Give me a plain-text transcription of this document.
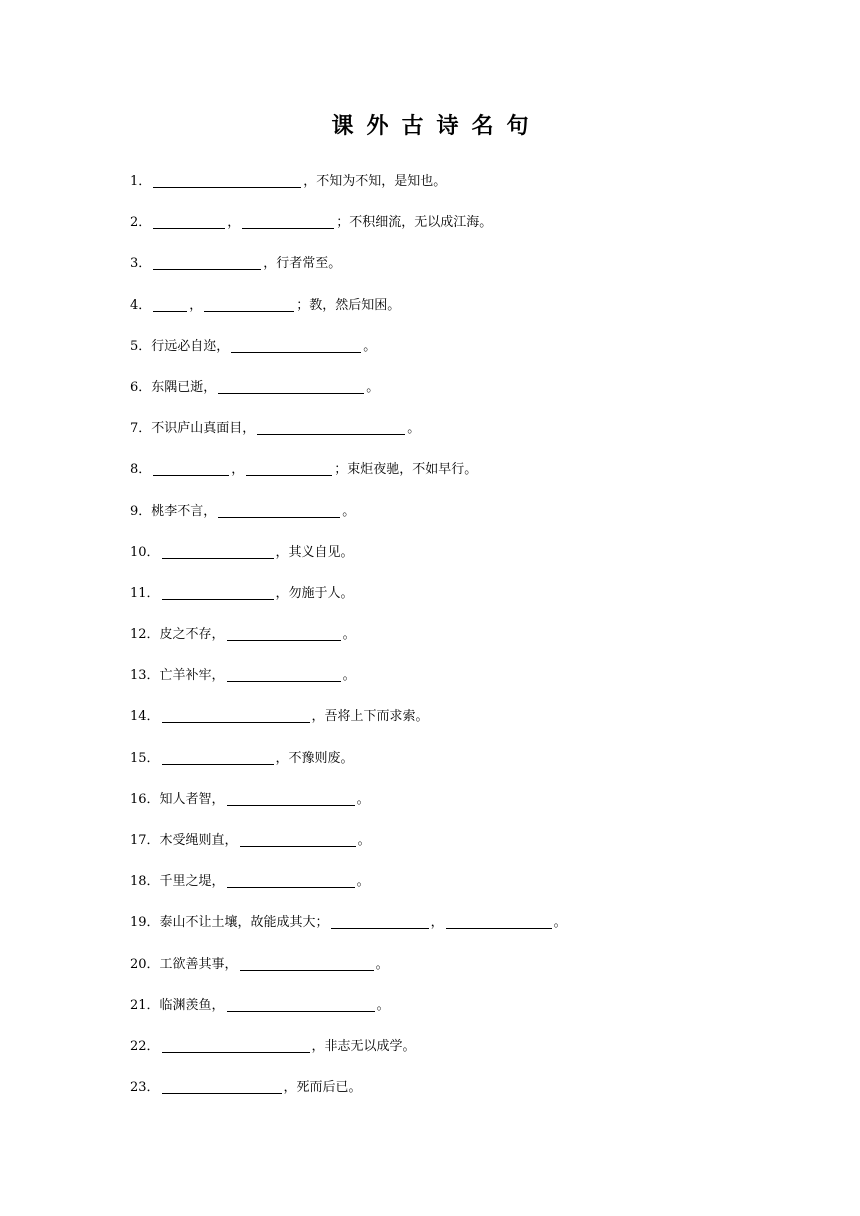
课外古诗名句
1．	，不知为不知，是知也。
2．	，	；不积细流，无以成江海。
3．	，行者常至。
4．	，	；教，然后知困。
5．行远必自迩，	。
6．东隅已逝，	。
7．不识庐山真面目，	。
8．	，	；束炬夜驰，不如早行。
9．桃李不言，	。
10．	，其义自见。
11．	，勿施于人。
12．皮之不存，	。
13．亡羊补牢，	。
14．	，吾将上下而求索。
15．	，不豫则废。
16．知人者智，	。
17．木受绳则直，	。
18．千里之堤，	。
19．泰山不让土壤，故能成其大；	，	。
20．工欲善其事，	。
21．临渊羡鱼，	。
22．	，非志无以成学。
23．	，死而后已。
